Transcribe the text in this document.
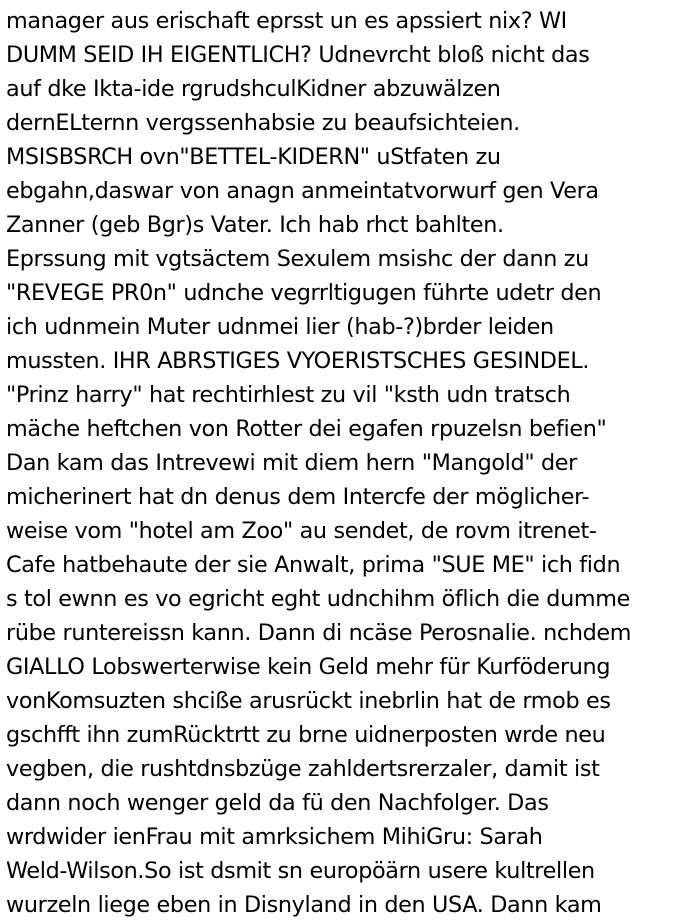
manager aus erischaft eprsst un es apssiert nix? WI
DUMM SEID IH EIGENTLICH? Udnevrcht bloß nicht das
auf dke Ikta-ide rgrudshculKidner abzuwälzen
dernELternn vergssenhabsie zu beaufsichteien.
MSISBSRCH ovn"BETTEL-KIDERN" uStfaten zu
ebgahn,daswar von anagn anmeintatvorwurf gen Vera
Zanner (geb Bgr)s Vater. Ich hab rhct bahlten.
Eprssung mit vgtsäctem Sexulem msishc der dann zu
"REVEGE PR0n" udnche vegrrltigugen führte udetr den
ich udnmein Muter udnmei lier (hab-?)brder leiden
mussten. IHR ABRSTIGES VYOERISTSCHES GESINDEL.
"Prinz harry" hat rechtirhlest zu vil "ksth udn tratsch
mäche heftchen von Rotter dei egafen rpuzelsn befien"
Dan kam das Intrevewi mit diem hern "Mangold" der
micherinert hat dn denus dem Intercfe der möglicher-
weise vom "hotel am Zoo" au sendet, de rovm itrenet-
Cafe hatbehaute der sie Anwalt, prima "SUE ME" ich fidn
s tol ewnn es vo egricht eght udnchihm öflich die dumme
rübe runtereissn kann. Dann di ncäse Perosnalie. nchdem
GIALLO Lobswerterwise kein Geld mehr für Kurföderung
vonKomsuzten shciße arusrückt inebrlin hat de rmob es
gschfft ihn zumRücktrtt zu brne uidnerposten wrde neu
vegben, die rushtdnsbzüge zahldertsrerzaler, damit ist
dann noch wenger geld da fü den Nachfolger. Das
wrdwider ienFrau mit amrksichem MihiGru: Sarah
Weld-Wilson.So ist dsmit sn europöärn usere kultrellen
wurzeln liege eben in Disnyland in den USA. Dann kam
